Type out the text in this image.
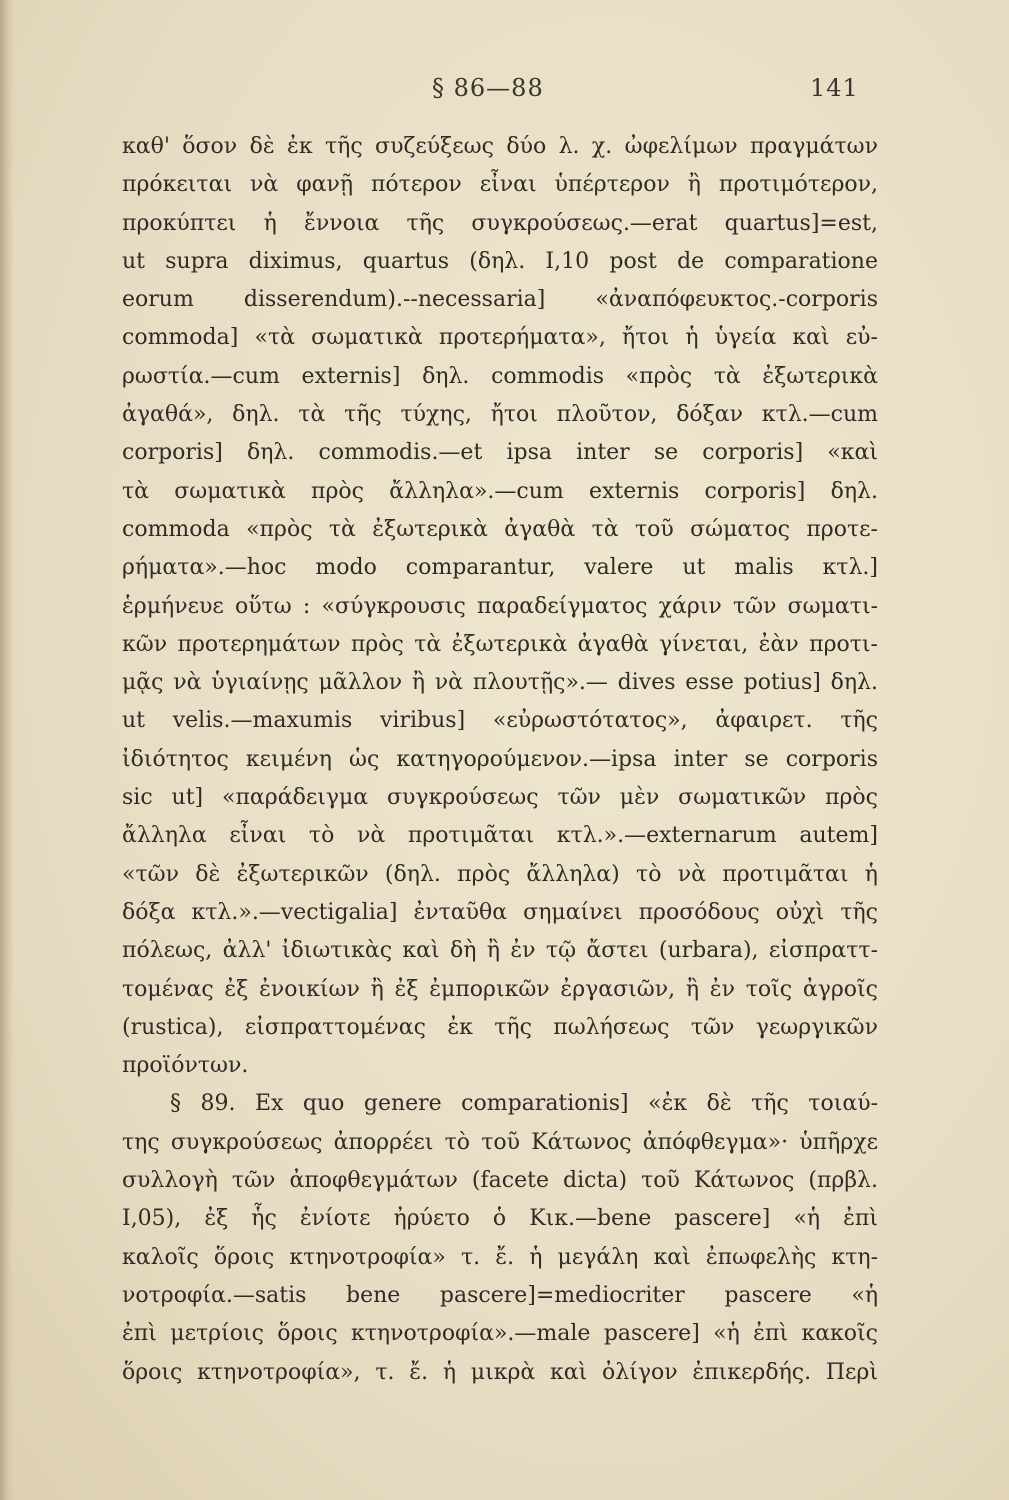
§ 86—88	141
καθ' ὅσον δὲ ἐκ τῆς συζεύξεως δύο λ. χ. ὠφελίμων πραγμάτων
πρόκειται νὰ φανῇ πότερον εἶναι ὑπέρτερον ἢ προτιμότερον,
προκύπτει ἡ ἔννοια τῆς συγκρούσεως.—erat quartus]=est,
ut supra diximus, quartus (δηλ. I,10 post de comparatione
eorum disserendum).--necessaria] «ἀναπόφευκτος.-corporis
commoda] «τὰ σωματικὰ προτερήματα», ἤτοι ἡ ὑγεία καὶ εὐ-
ρωστία.—cum externis] δηλ. commodis «πρὸς τὰ ἐξωτερικὰ
ἀγαθά», δηλ. τὰ τῆς τύχης, ἤτοι πλοῦτον, δόξαν κτλ.—cum
corporis] δηλ. commodis.—et ipsa inter se corporis] «καὶ
τὰ σωματικὰ πρὸς ἄλληλα».—cum externis corporis] δηλ.
commoda «πρὸς τὰ ἐξωτερικὰ ἀγαθὰ τὰ τοῦ σώματος προτε-
ρήματα».—hoc modo comparantur, valere ut malis κτλ.]
ἑρμήνευε οὕτω : «σύγκρουσις παραδείγματος χάριν τῶν σωματι-
κῶν προτερημάτων πρὸς τὰ ἐξωτερικὰ ἀγαθὰ γίνεται, ἐὰν προτι-
μᾷς νὰ ὑγιαίνῃς μᾶλλον ἢ νὰ πλουτῇς».— dives esse potius] δηλ.
ut velis.—maxumis viribus] «εὐρωστότατος», ἀφαιρετ. τῆς
ἰδιότητος κειμένη ὡς κατηγορούμενον.—ipsa inter se corporis
sic ut] «παράδειγμα συγκρούσεως τῶν μὲν σωματικῶν πρὸς
ἄλληλα εἶναι τὸ νὰ προτιμᾶται κτλ.».—externarum autem]
«τῶν δὲ ἐξωτερικῶν (δηλ. πρὸς ἄλληλα) τὸ νὰ προτιμᾶται ἡ
δόξα κτλ.».—vectigalia] ἐνταῦθα σημαίνει προσόδους οὐχὶ τῆς
πόλεως, ἀλλ' ἰδιωτικὰς καὶ δὴ ἢ ἐν τῷ ἄστει (urbara), εἰσπραττ-
τομένας ἐξ ἐνοικίων ἢ ἐξ ἐμπορικῶν ἐργασιῶν, ἢ ἐν τοῖς ἀγροῖς
(rustica), εἰσπραττομένας ἐκ τῆς πωλήσεως τῶν γεωργικῶν
προϊόντων.
§ 89. Ex quo genere comparationis] «ἐκ δὲ τῆς τοιαύ-
της συγκρούσεως ἀπορρέει τὸ τοῦ Κάτωνος ἀπόφθεγμα»· ὑπῆρχε
συλλογὴ τῶν ἀποφθεγμάτων (facete dicta) τοῦ Κάτωνος (πρβλ.
I,05), ἐξ ἧς ἐνίοτε ἠρύετο ὁ Κικ.—bene pascere] «ἡ ἐπὶ
καλοῖς ὅροις κτηνοτροφία» τ. ἔ. ἡ μεγάλη καὶ ἐπωφελὴς κτη-
νοτροφία.—satis bene pascere]=mediocriter pascere «ἡ
ἐπὶ μετρίοις ὅροις κτηνοτροφία».—male pascere] «ἡ ἐπὶ κακοῖς
ὅροις κτηνοτροφία», τ. ἔ. ἡ μικρὰ καὶ ὀλίγον ἐπικερδής. Περὶ
